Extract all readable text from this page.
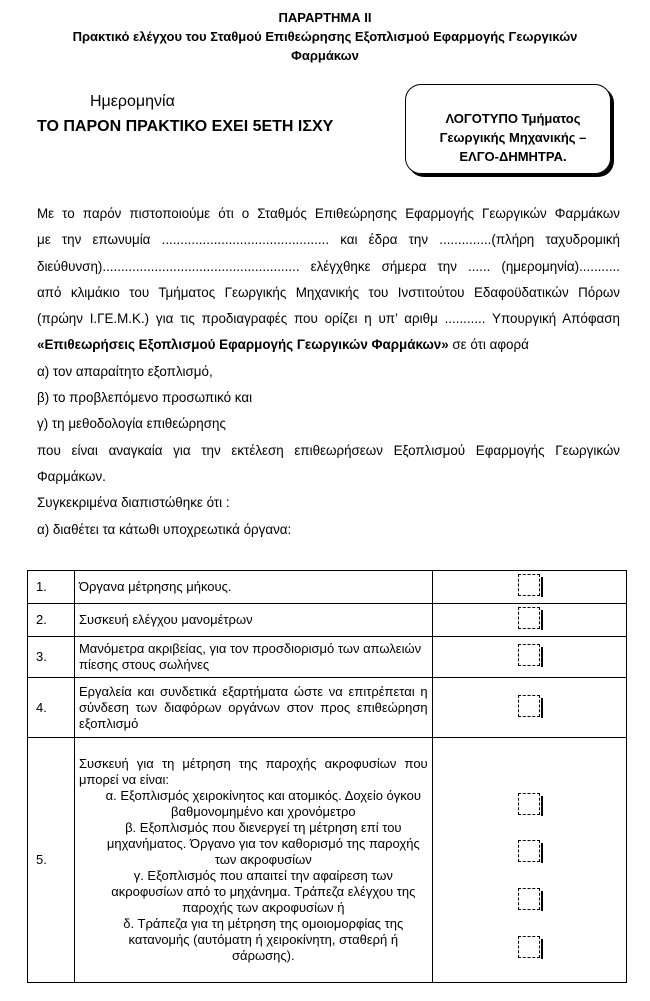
ΠΑΡΑΡΤΗΜΑ ΙΙ
Πρακτικό ελέγχου του Σταθμού Επιθεώρησης Εξοπλισμού Εφαρμογής Γεωργικών
Φαρμάκων
Ημερομηνία
ΤΟ ΠΑΡΟΝ ΠΡΑΚΤΙΚΟ ΕΧΕΙ 5ΕΤΗ ΙΣΧΥ	ΛΟΓΟΤΥΠΟ Τμήματος
Γεωργικής Μηχανικής –
ΕΛΓΟ-ΔΗΜΗΤΡΑ.
Με το παρόν πιστοποιούμε ότι ο Σταθμός Επιθεώρησης Εφαρμογής Γεωργικών Φαρμάκων
με την επωνυμία ............................................. και έδρα την ..............(πλήρη ταχυδρομική
διεύθυνση)..................................................... ελέγχθηκε σήμερα την ...... (ημερομηνία)...........
από κλιμάκιο του Τμήματος Γεωργικής Μηχανικής του Ινστιτούτου Εδαφοϋδατικών Πόρων
(πρώην Ι.ΓΕ.Μ.Κ.) για τις προδιαγραφές που ορίζει η υπ’ αριθμ ........... Υπουργική Απόφαση
«Επιθεωρήσεις Εξοπλισμού Εφαρμογής Γεωργικών Φαρμάκων» σε ότι αφορά
α) τον απαραίτητο εξοπλισμό,
β) το προβλεπόμενο προσωπικό και
γ) τη μεθοδολογία επιθεώρησης
που είναι αναγκαία για την εκτέλεση επιθεωρήσεων Εξοπλισμού Εφαρμογής Γεωργικών
Φαρμάκων.
Συγκεκριμένα διαπιστώθηκε ότι :
α) διαθέτει τα κάτωθι υποχρεωτικά όργανα:
1.	Όργανα μέτρησης μήκους.	
2.	Συσκευή ελέγχου μανομέτρων	
3.	Μανόμετρα ακριβείας, για τον προσδιορισμό των απωλειών πίεσης στους σωλήνες	
4.	Εργαλεία και συνδετικά εξαρτήματα ώστε να επιτρέπεται η σύνδεση των διαφόρων οργάνων στον προς επιθεώρηση εξοπλισμό	
5.	Συσκευή για τη μέτρηση της παροχής ακροφυσίων που μπορεί να είναι:
α. Εξοπλισμός χειροκίνητος και ατομικός. Δοχείο όγκου βαθμονομημένο και χρονόμετρο
β. Εξοπλισμός που διενεργεί τη μέτρηση επί του μηχανήματος. Όργανο για τον καθορισμό της παροχής των ακροφυσίων
γ. Εξοπλισμός που απαιτεί την αφαίρεση των ακροφυσίων από το μηχάνημα. Τράπεζα ελέγχου της παροχής των ακροφυσίων ή
δ. Τράπεζα για τη μέτρηση της ομοιομορφίας της κατανομής (αυτόματη ή χειροκίνητη, σταθερή ή σάρωσης).	
